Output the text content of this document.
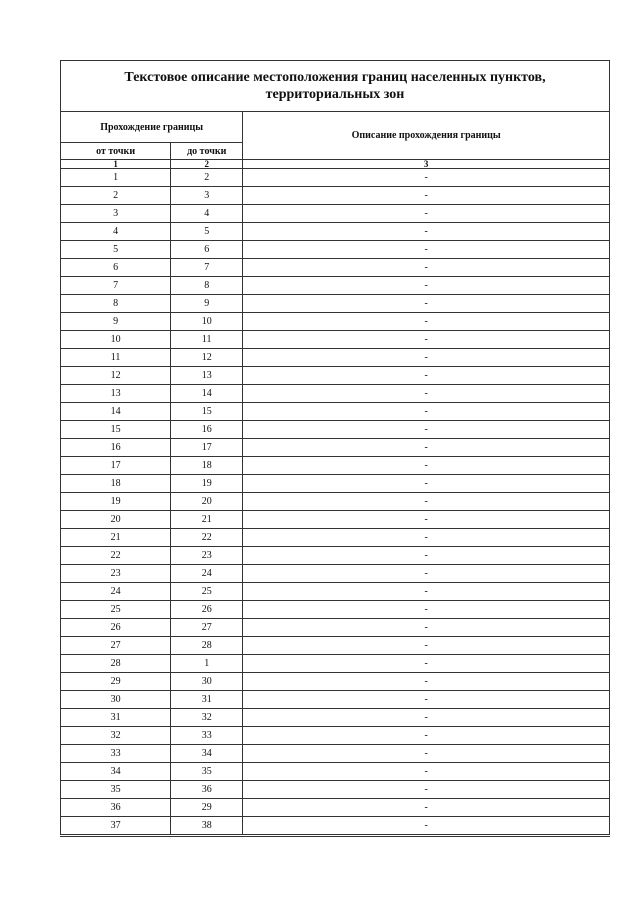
Текстовое описание местоположения границ населенных пунктов, территориальных зон		
Прохождение границы		Описание прохождения границы
от точки	до точки	
1	2	3
1	2	-
2	3	-
3	4	-
4	5	-
5	6	-
6	7	-
7	8	-
8	9	-
9	10	-
10	11	-
11	12	-
12	13	-
13	14	-
14	15	-
15	16	-
16	17	-
17	18	-
18	19	-
19	20	-
20	21	-
21	22	-
22	23	-
23	24	-
24	25	-
25	26	-
26	27	-
27	28	-
28	1	-
29	30	-
30	31	-
31	32	-
32	33	-
33	34	-
34	35	-
35	36	-
36	29	-
37	38	-
